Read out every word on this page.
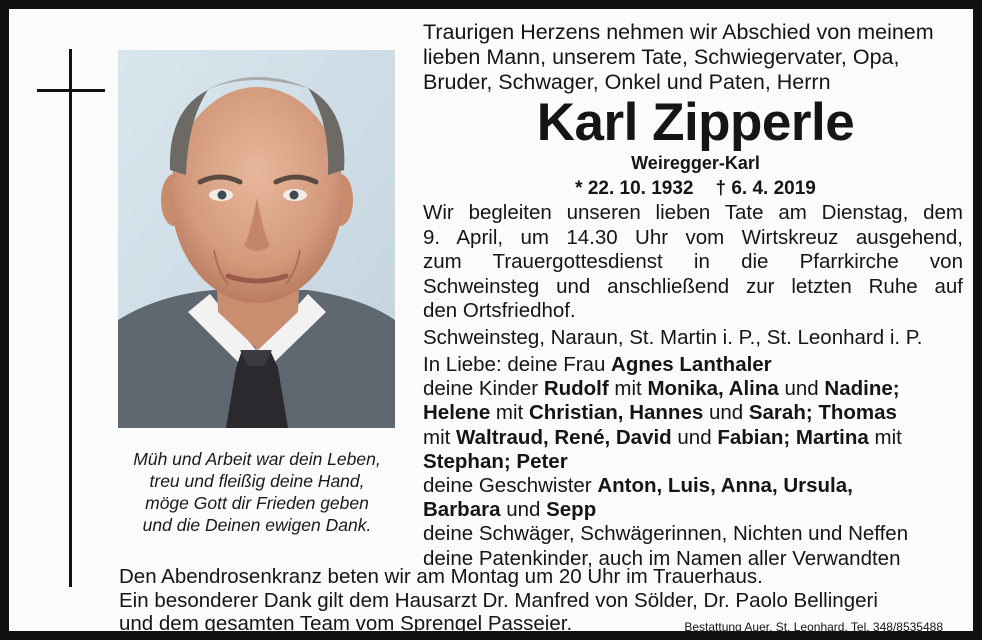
Müh und Arbeit war dein Leben,
treu und fleißig deine Hand,
möge Gott dir Frieden geben
und die Deinen ewigen Dank.
Traurigen Herzens nehmen wir Abschied von meinem
lieben Mann, unserem Tate, Schwiegervater, Opa,
Bruder, Schwager, Onkel und Paten, Herrn
Karl Zipperle
Weiregger-Karl
* 22. 10. 1932 † 6. 4. 2019
Wir begleiten unseren lieben Tate am Dienstag, dem
9. April, um 14.30 Uhr vom Wirtskreuz ausgehend,
zum Trauergottesdienst in die Pfarrkirche von
Schweinsteg und anschließend zur letzten Ruhe auf
den Ortsfriedhof.
Schweinsteg, Naraun, St. Martin i. P., St. Leonhard i. P.
In Liebe: deine Frau Agnes Lanthaler
deine Kinder Rudolf mit Monika, Alina und Nadine;
Helene mit Christian, Hannes und Sarah; Thomas
mit Waltraud, René, David und Fabian; Martina mit
Stephan; Peter
deine Geschwister Anton, Luis, Anna, Ursula,
Barbara und Sepp
deine Schwäger, Schwägerinnen, Nichten und Neffen
deine Patenkinder, auch im Namen aller Verwandten
Den Abendrosenkranz beten wir am Montag um 20 Uhr im Trauerhaus.
Ein besonderer Dank gilt dem Hausarzt Dr. Manfred von Sölder, Dr. Paolo Bellingeri
und dem gesamten Team vom Sprengel Passeier.	Bestattung Auer, St. Leonhard, Tel. 348/8535488
